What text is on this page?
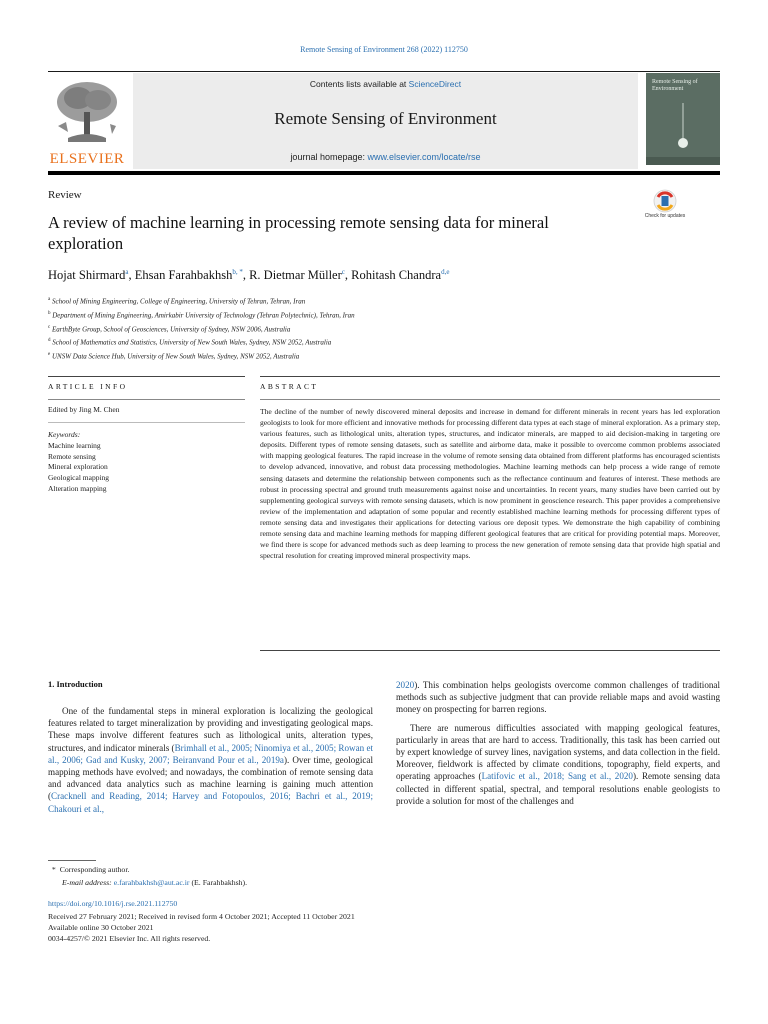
Remote Sensing of Environment 268 (2022) 112750
ELSEVIER
Contents lists available at ScienceDirect
Remote Sensing of Environment
journal homepage: www.elsevier.com/locate/rse
Remote Sensing of Environment
Review
Check for updates
A review of machine learning in processing remote sensing data for mineral exploration
Hojat Shirmard$^a$, Ehsan Farahbakhsh$^{b, *}$, R. Dietmar Müller$^c$, Rohitash Chandra$^{d,e}$
$^a$ School of Mining Engineering, College of Engineering, University of Tehran, Tehran, Iran
$^b$ Department of Mining Engineering, Amirkabir University of Technology (Tehran Polytechnic), Tehran, Iran
$^c$ EarthByte Group, School of Geosciences, University of Sydney, NSW 2006, Australia
$^d$ School of Mathematics and Statistics, University of New South Wales, Sydney, NSW 2052, Australia
$^e$ UNSW Data Science Hub, University of New South Wales, Sydney, NSW 2052, Australia
ARTICLE INFO	ABSTRACT
Edited by Jing M. Chen
Keywords:
Machine learning
Remote sensing
Mineral exploration
Geological mapping
Alteration mapping
The decline of the number of newly discovered mineral deposits and increase in demand for different minerals in recent years has led exploration geologists to look for more efficient and innovative methods for processing different data types at each stage of mineral exploration. As a primary step, various features, such as lithological units, alteration types, structures, and indicator minerals, are mapped to aid decision-making in targeting ore deposits. Different types of remote sensing datasets, such as satellite and airborne data, make it possible to overcome common problems associated with mapping geological features. The rapid increase in the volume of remote sensing data obtained from different platforms has encouraged scientists to develop advanced, innovative, and robust data processing methodologies. Machine learning methods can help process a wide range of remote sensing datasets and determine the relationship between components such as the reflectance continuum and features of interest. These methods are robust in processing spectral and ground truth measurements against noise and uncertainties. In recent years, many studies have been carried out by supplementing geological surveys with remote sensing datasets, which is now prominent in geoscience research. This paper provides a comprehensive review of the implementation and adaptation of some popular and recently established machine learning methods for processing different types of remote sensing data and investigates their applications for detecting various ore deposit types. We demonstrate the high capability of combining remote sensing data and machine learning methods for mapping different geological features that are critical for providing potential maps. Moreover, we find there is scope for advanced methods such as deep learning to process the new generation of remote sensing data that provide high spatial and spectral resolution for creating improved mineral prospectivity maps.
1. Introduction

One of the fundamental steps in mineral exploration is localizing the geological features related to target mineralization by providing and investigating geological maps. These maps involve different features such as lithological units, alteration types, structures, and indicator minerals (Brimhall et al., 2005; Ninomiya et al., 2005; Rowan et al., 2006; Gad and Kusky, 2007; Beiranvand Pour et al., 2019a). Over time, geological mapping methods have evolved; and nowadays, the combination of remote sensing data and advanced data analytics such as machine learning is gaining much attention (Cracknell and Reading, 2014; Harvey and Fotopoulos, 2016; Bachri et al., 2019; Chakouri et al.,

2020). This combination helps geologists overcome common challenges of traditional methods such as subjective judgment that can provide reliable maps and avoid wasting money on prospecting for barren regions.

There are numerous difficulties associated with mapping geological features, particularly in areas that are hard to access. Traditionally, this task has been carried out by expert knowledge of survey lines, navigation systems, and data collection in the field. Moreover, fieldwork is affected by climate conditions, topography, field experts, and operating approaches (Latifovic et al., 2018; Sang et al., 2020). Remote sensing data collected in different spatial, spectral, and temporal resolutions enable geologists to provide a solution for most of the challenges and

*  Corresponding author.
E-mail address: e.farahbakhsh@aut.ac.ir (E. Farahbakhsh).
https://doi.org/10.1016/j.rse.2021.112750
Received 27 February 2021; Received in revised form 4 October 2021; Accepted 11 October 2021
Available online 30 October 2021
0034-4257/© 2021 Elsevier Inc. All rights reserved.
